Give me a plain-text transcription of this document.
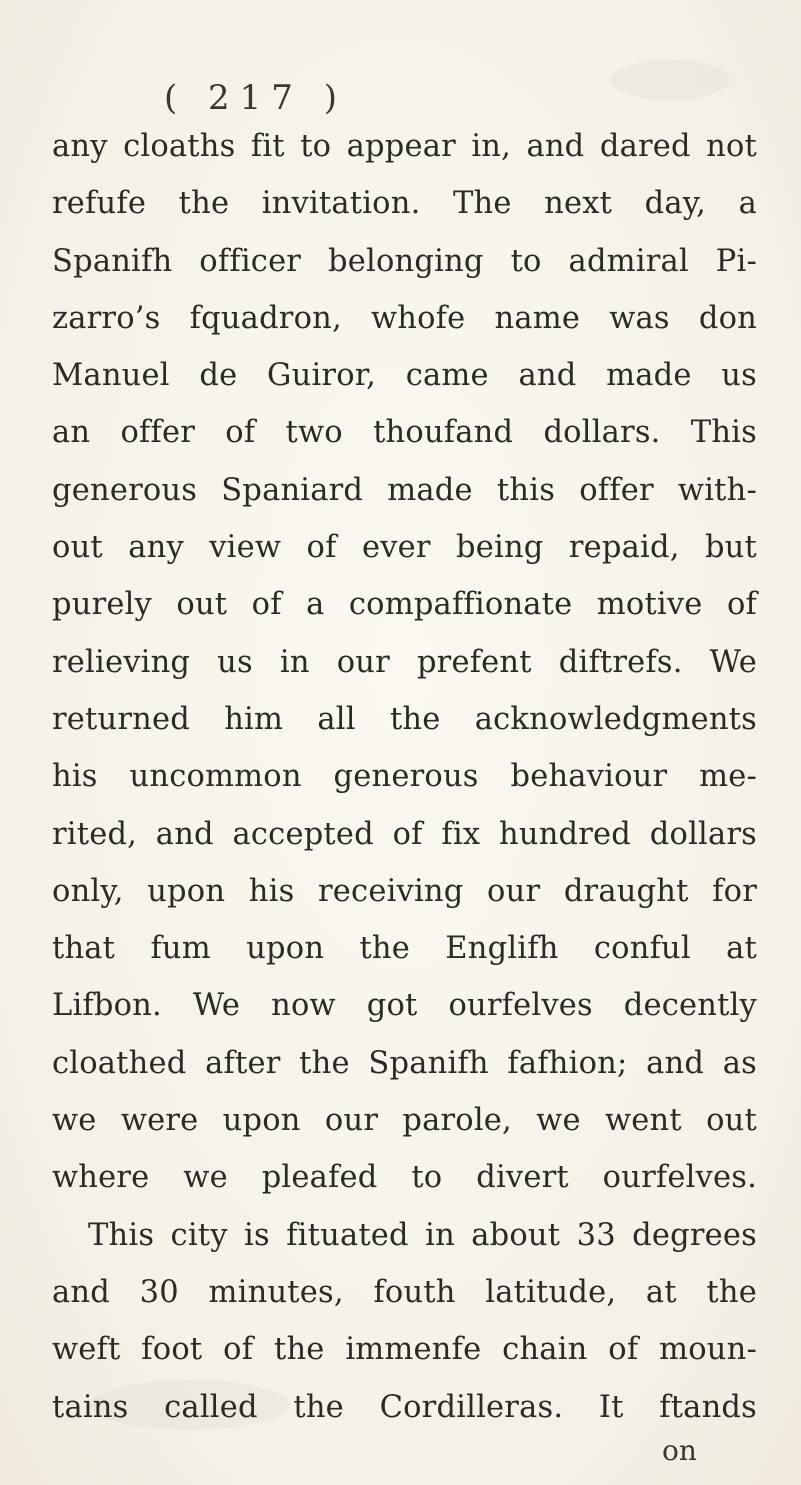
( 217 )
any cloaths fit to appear in, and dared not
refufe the invitation. The next day, a
Spanifh officer belonging to admiral Pi-
zarro’s fquadron, whofe name was don
Manuel de Guiror, came and made us
an offer of two thoufand dollars. This
generous Spaniard made this offer with-
out any view of ever being repaid, but
purely out of a compaffionate motive of
relieving us in our prefent diftrefs. We
returned him all the acknowledgments
his uncommon generous behaviour me-
rited, and accepted of fix hundred dollars
only, upon his receiving our draught for
that fum upon the Englifh conful at
Lifbon. We now got ourfelves decently
cloathed after the Spanifh fafhion; and as
we were upon our parole, we went out
where we pleafed to divert ourfelves.
This city is fituated in about 33 degrees
and 30 minutes, fouth latitude, at the
weft foot of the immenfe chain of moun-
tains called the Cordilleras. It ftands
on
